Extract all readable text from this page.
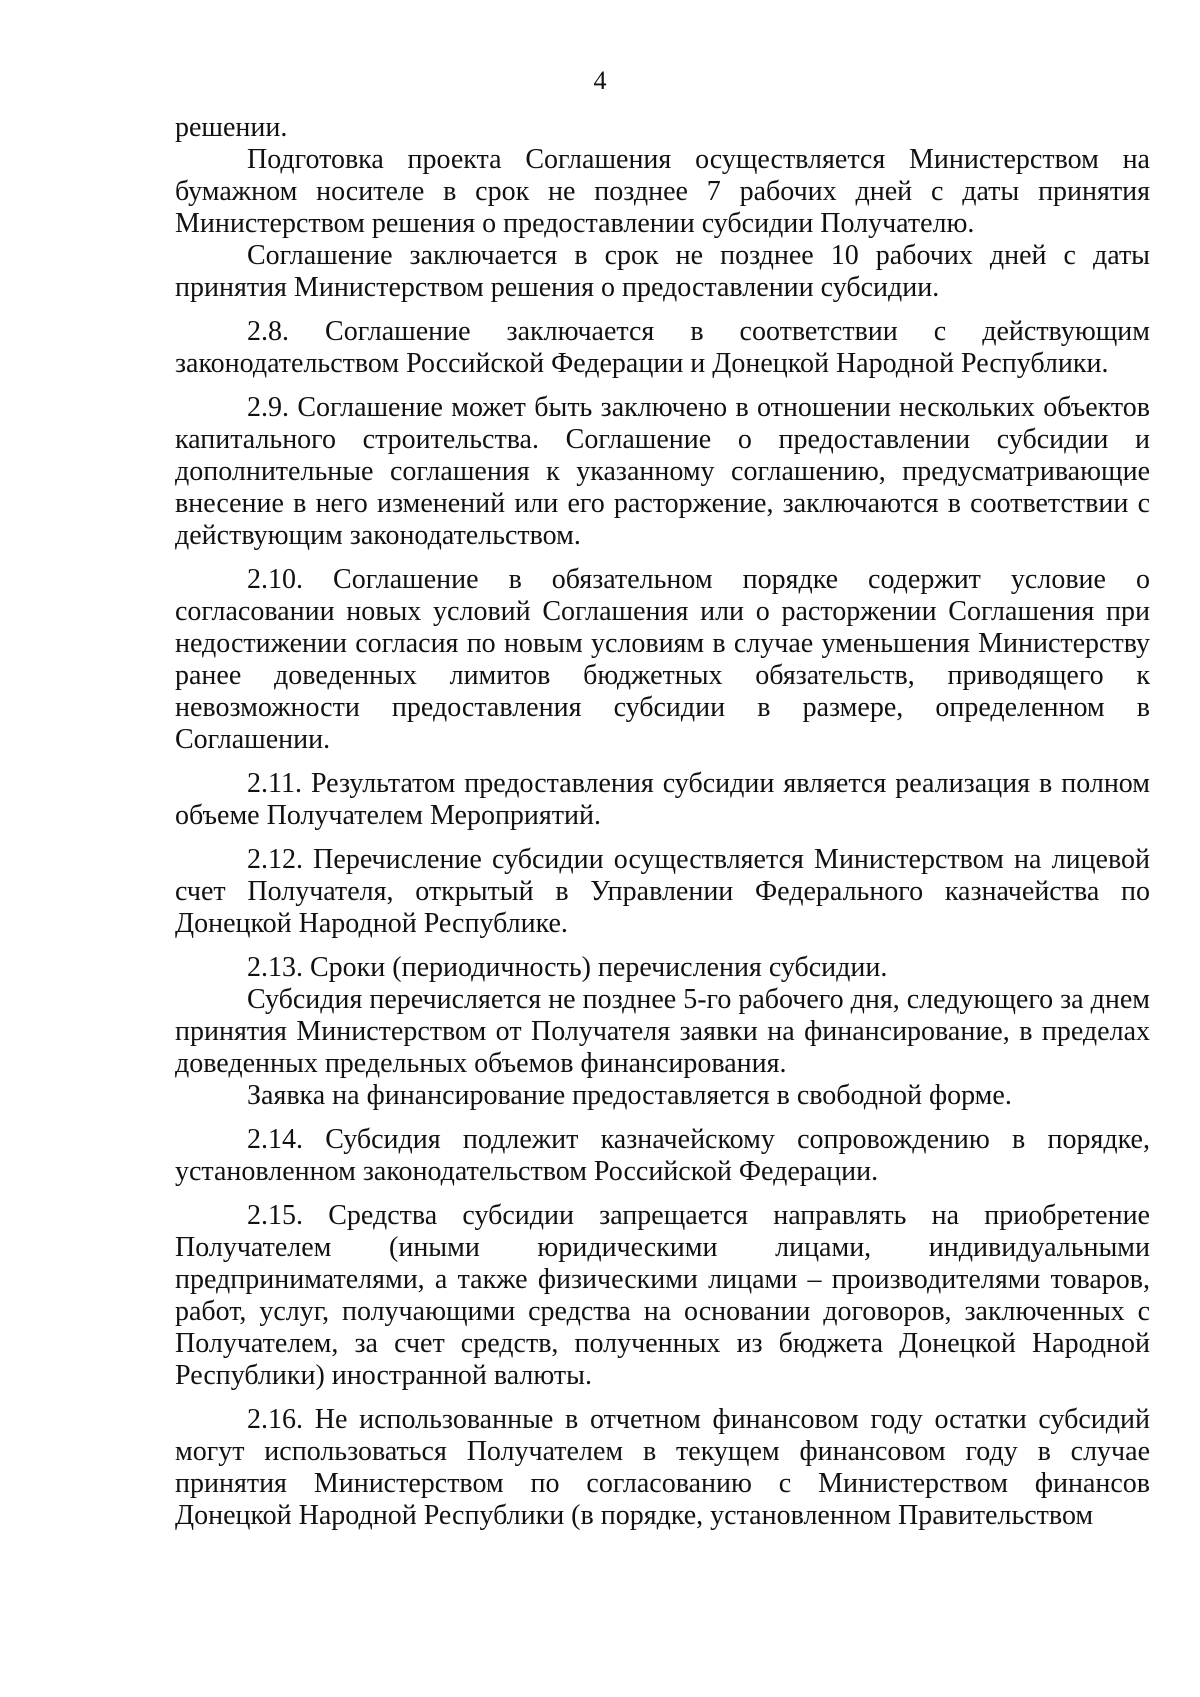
4

решении.

Подготовка проекта Соглашения осуществляется Министерством на бумажном носителе в срок не позднее 7 рабочих дней с даты принятия Министерством решения о предоставлении субсидии Получателю.

Соглашение заключается в срок не позднее 10 рабочих дней с даты принятия Министерством решения о предоставлении субсидии.

2.8. Соглашение заключается в соответствии с действующим законодательством Российской Федерации и Донецкой Народной Республики.

2.9. Соглашение может быть заключено в отношении нескольких объектов капитального строительства. Соглашение о предоставлении субсидии и дополнительные соглашения к указанному соглашению, предусматривающие внесение в него изменений или его расторжение, заключаются в соответствии с действующим законодательством.

2.10. Соглашение в обязательном порядке содержит условие о согласовании новых условий Соглашения или о расторжении Соглашения при недостижении согласия по новым условиям в случае уменьшения Министерству ранее доведенных лимитов бюджетных обязательств, приводящего к невозможности предоставления субсидии в размере, определенном в Соглашении.

2.11. Результатом предоставления субсидии является реализация в полном объеме Получателем Мероприятий.

2.12. Перечисление субсидии осуществляется Министерством на лицевой счет Получателя, открытый в Управлении Федерального казначейства по Донецкой Народной Республике.

2.13. Сроки (периодичность) перечисления субсидии.

Субсидия перечисляется не позднее 5-го рабочего дня, следующего за днем принятия Министерством от Получателя заявки на финансирование, в пределах доведенных предельных объемов финансирования.

Заявка на финансирование предоставляется в свободной форме.

2.14. Субсидия подлежит казначейскому сопровождению в порядке, установленном законодательством Российской Федерации.

2.15. Средства субсидии запрещается направлять на приобретение Получателем (иными юридическими лицами, индивидуальными предпринимателями, а также физическими лицами – производителями товаров, работ, услуг, получающими средства на основании договоров, заключенных с Получателем, за счет средств, полученных из бюджета Донецкой Народной Республики) иностранной валюты.

2.16. Не использованные в отчетном финансовом году остатки субсидий могут использоваться Получателем в текущем финансовом году в случае принятия Министерством по согласованию с Министерством финансов Донецкой Народной Республики (в порядке, установленном Правительством
